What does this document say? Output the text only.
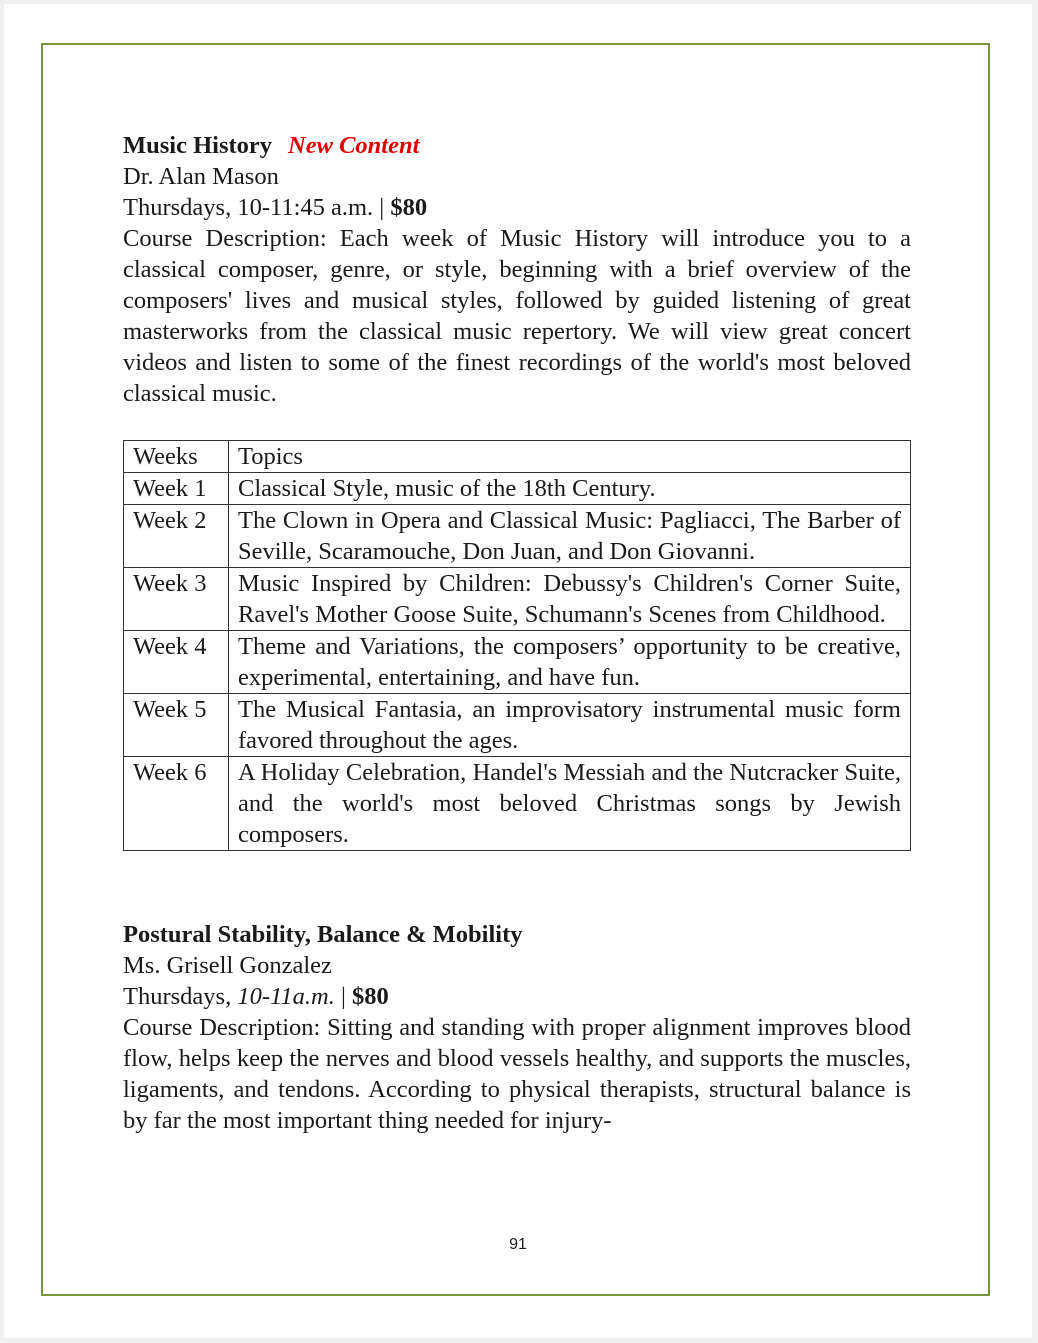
Music History New Content

Dr. Alan Mason

Thursdays, 10-11:45 a.m. | $80

Course Description: Each week of Music History will introduce you to a classical composer, genre, or style, beginning with a brief overview of the composers' lives and musical styles, followed by guided listening of great masterworks from the classical music repertory. We will view great concert videos and listen to some of the finest recordings of the world's most beloved classical music.

Weeks	Topics
Week 1	Classical Style, music of the 18th Century.
Week 2	The Clown in Opera and Classical Music: Pagliacci, The Barber of Seville, Scaramouche, Don Juan, and Don Giovanni.
Week 3	Music Inspired by Children: Debussy's Children's Corner Suite, Ravel's Mother Goose Suite, Schumann's Scenes from Childhood.
Week 4	Theme and Variations, the composers’ opportunity to be creative, experimental, entertaining, and have fun.
Week 5	The Musical Fantasia, an improvisatory instrumental music form favored throughout the ages.
Week 6	A Holiday Celebration, Handel's Messiah and the Nutcracker Suite, and the world's most beloved Christmas songs by Jewish composers.

Postural Stability, Balance & Mobility

Ms. Grisell Gonzalez

Thursdays, 10-11a.m. | $80

Course Description: Sitting and standing with proper alignment improves blood flow, helps keep the nerves and blood vessels healthy, and supports the muscles, ligaments, and tendons. According to physical therapists, structural balance is by far the most important thing needed for injury-

91
